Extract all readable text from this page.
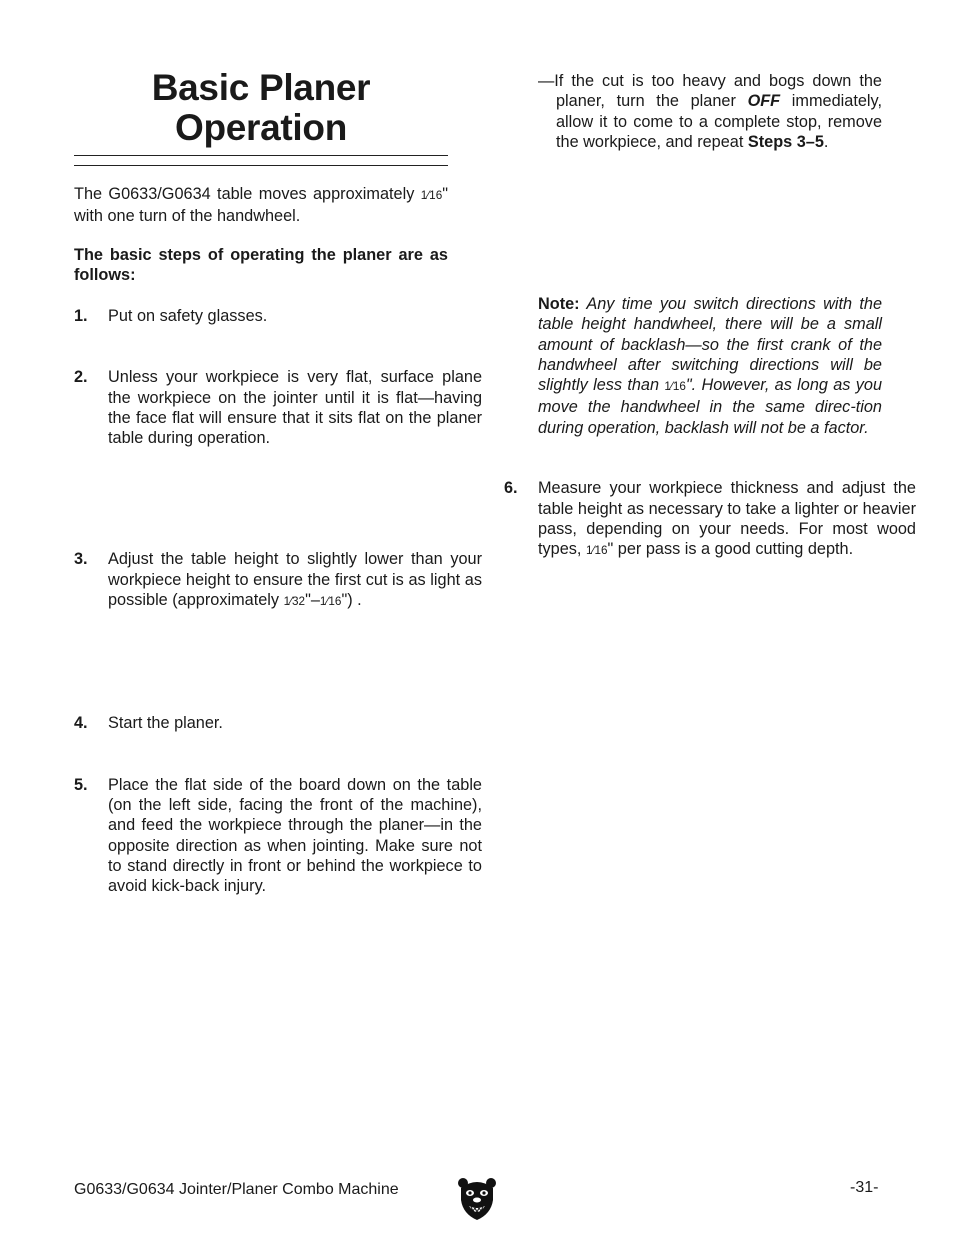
Basic Planer
Operation

The G0633/G0634 table moves approximately 1⁄16" with one turn of the handwheel.

The basic steps of operating the planer are as follows:

1. Put on safety glasses.

2. Unless your workpiece is very flat, surface plane the workpiece on the jointer until it is flat—having the face flat will ensure that it sits flat on the planer table during operation.

3. Adjust the table height to slightly lower than your workpiece height to ensure the first cut is as light as possible (approximately 1⁄32"–1⁄16") .

4. Start the planer.

5. Place the flat side of the board down on the table (on the left side, facing the front of the machine), and feed the workpiece through the planer—in the opposite direction as when jointing. Make sure not to stand directly in front or behind the workpiece to avoid kick-back injury.

—If the cut is too heavy and bogs down the planer, turn the planer OFF immediately, allow it to come to a complete stop, remove the workpiece, and repeat Steps 3–5.

6. Measure your workpiece thickness and adjust the table height as necessary to take a lighter or heavier pass, depending on your needs. For most wood types, 1⁄16" per pass is a good cutting depth.

Note: Any time you switch directions with the table height handwheel, there will be a small amount of backlash—so the first crank of the handwheel after switching directions will be slightly less than 1⁄16". However, as long as you move the handwheel in the same direc-tion during operation, backlash will not be a factor.

G0633/G0634 Jointer/Planer Combo Machine	-31-
